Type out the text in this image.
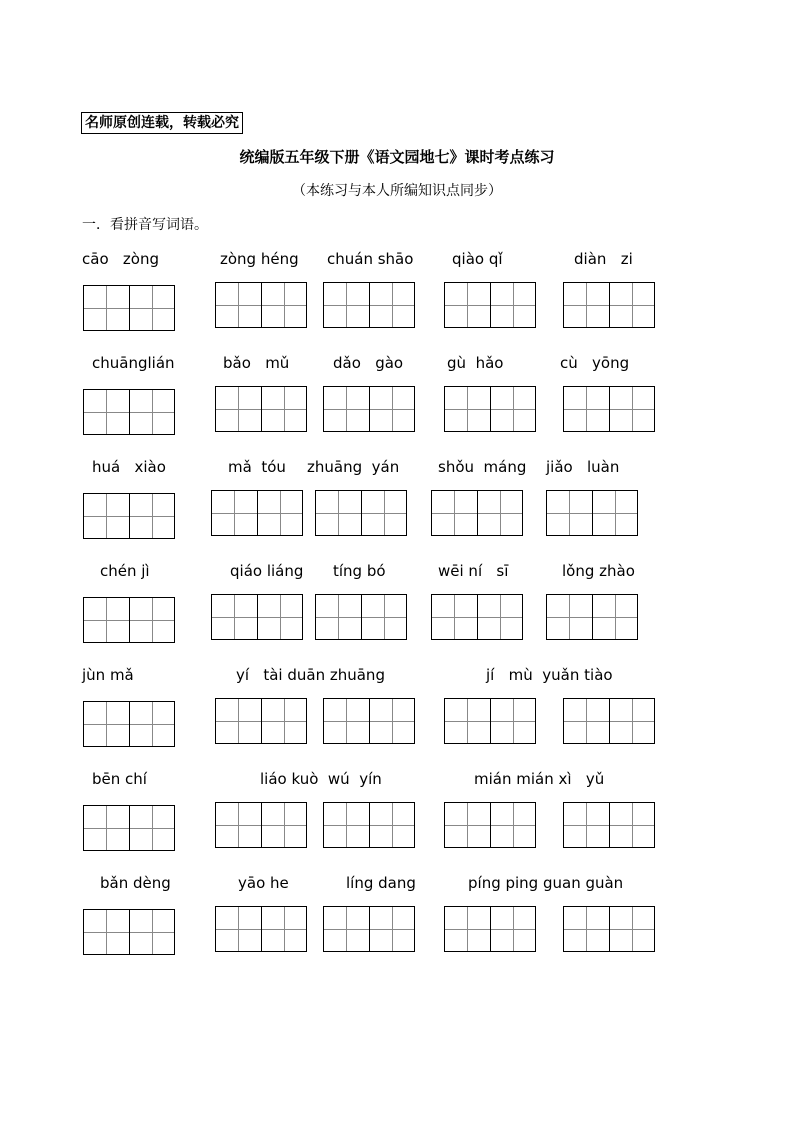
名师原创连载，转载必究
统编版五年级下册《语文园地七》课时考点练习
（本练习与本人所编知识点同步）
一．看拼音写词语。
cāo   zòng	zòng héng chuán shāo	qiào qǐ	diàn   zi
chuānglián	bǎo   mǔ	dǎo   gào	gù  hǎo	cù   yōng
huá   xiào	mǎ  tóu zhuāng  yán	shǒu  máng jiǎo   luàn
chén jì	qiáo liáng tíng bó	wēi ní   sī	lǒng zhào
jùn mǎ	yí   tài duān zhuāng	jí   mù  yuǎn tiào
bēn chí	liáo kuò  wú  yín	mián mián xì   yǔ
bǎn dèng	yāo he	líng dang	píng ping guan guàn
